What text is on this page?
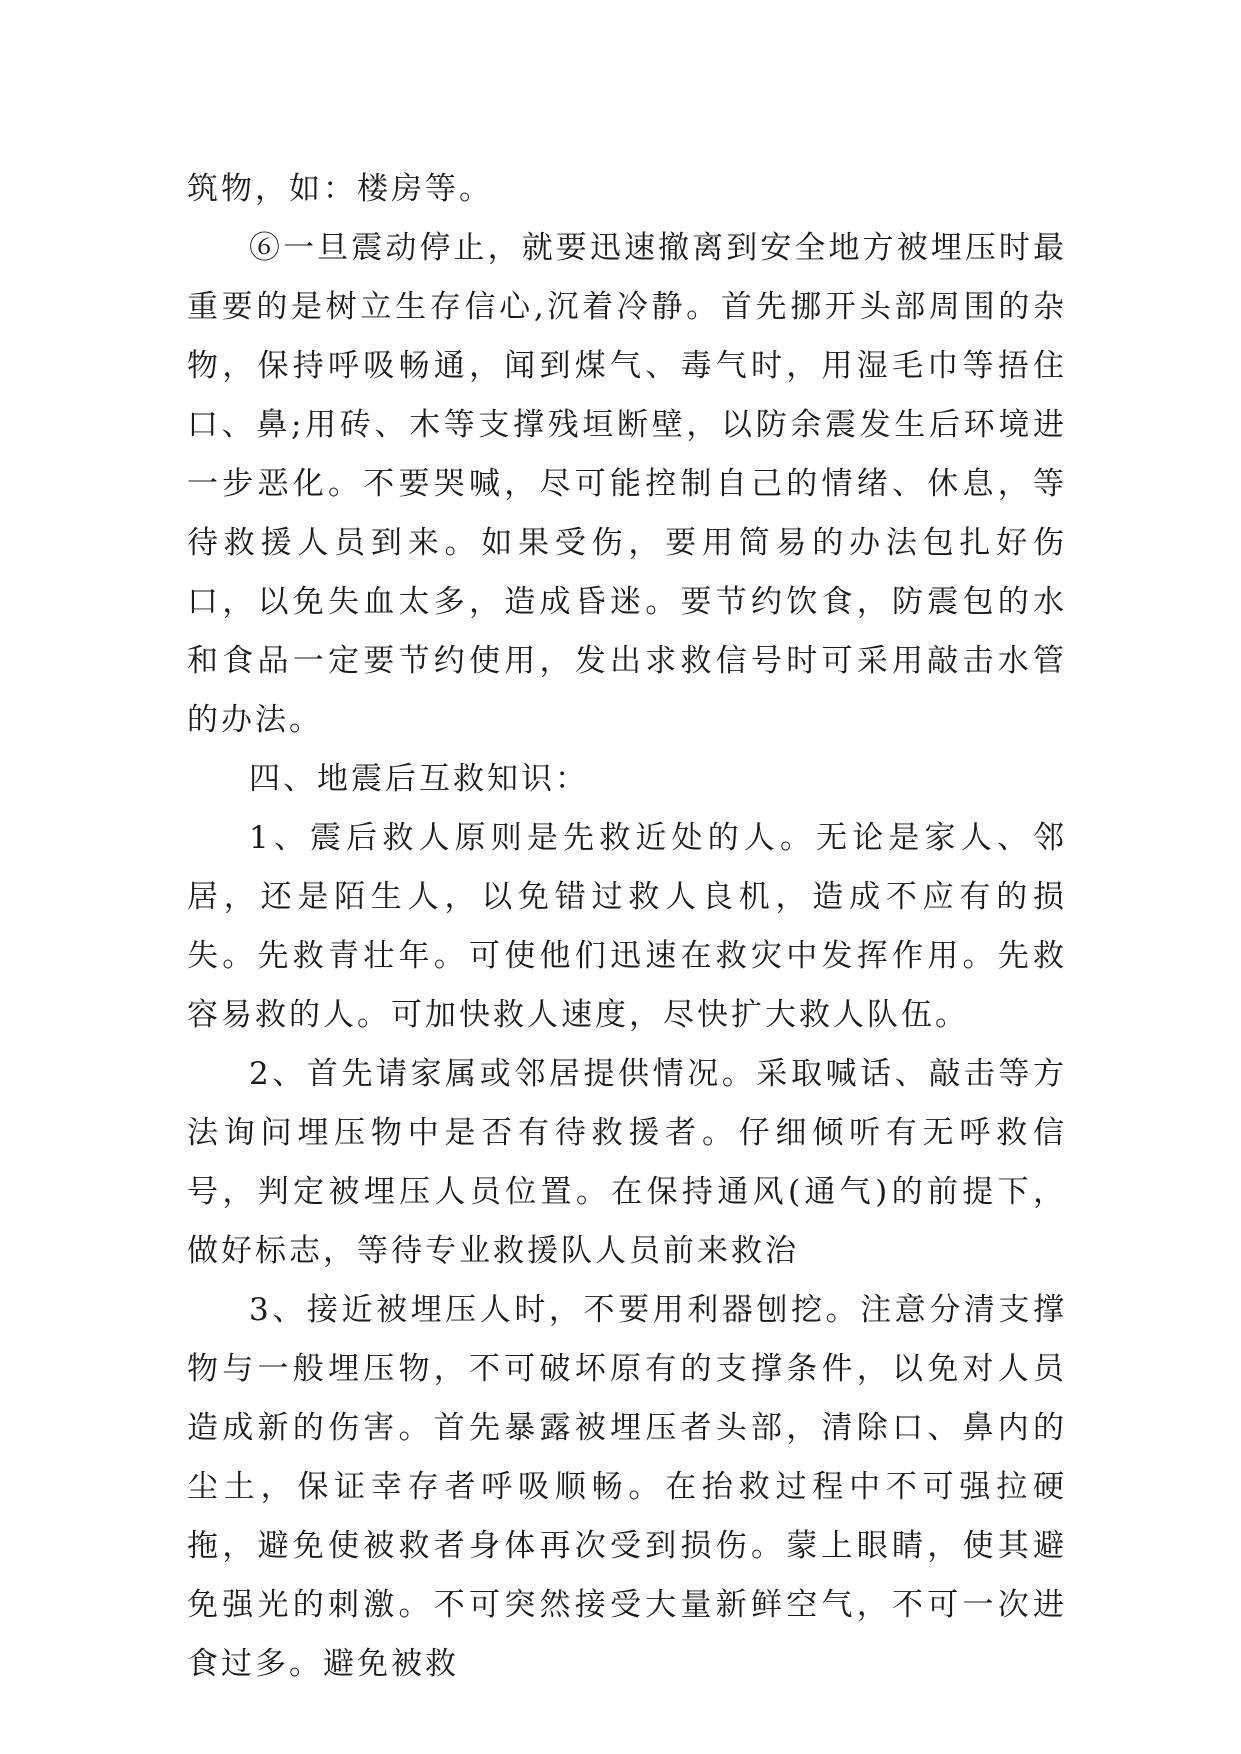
筑物，如：楼房等。

⑥一旦震动停止，就要迅速撤离到安全地方被埋压时最重要的是树立生存信心,沉着冷静。首先挪开头部周围的杂物，保持呼吸畅通，闻到煤气、毒气时，用湿毛巾等捂住口、鼻;用砖、木等支撑残垣断壁，以防余震发生后环境进一步恶化。不要哭喊，尽可能控制自己的情绪、休息，等待救援人员到来。如果受伤，要用简易的办法包扎好伤口，以免失血太多，造成昏迷。要节约饮食，防震包的水和食品一定要节约使用，发出求救信号时可采用敲击水管的办法。

四、地震后互救知识：

1、震后救人原则是先救近处的人。无论是家人、邻居，还是陌生人，以免错过救人良机，造成不应有的损失。先救青壮年。可使他们迅速在救灾中发挥作用。先救容易救的人。可加快救人速度，尽快扩大救人队伍。

2、首先请家属或邻居提供情况。采取喊话、敲击等方法询问埋压物中是否有待救援者。仔细倾听有无呼救信号，判定被埋压人员位置。在保持通风(通气)的前提下，做好标志，等待专业救援队人员前来救治

3、接近被埋压人时，不要用利器刨挖。注意分清支撑物与一般埋压物，不可破坏原有的支撑条件，以免对人员造成新的伤害。首先暴露被埋压者头部，清除口、鼻内的尘土，保证幸存者呼吸顺畅。在抬救过程中不可强拉硬拖，避免使被救者身体再次受到损伤。蒙上眼睛，使其避免强光的刺激。不可突然接受大量新鲜空气，不可一次进食过多。避免被救
